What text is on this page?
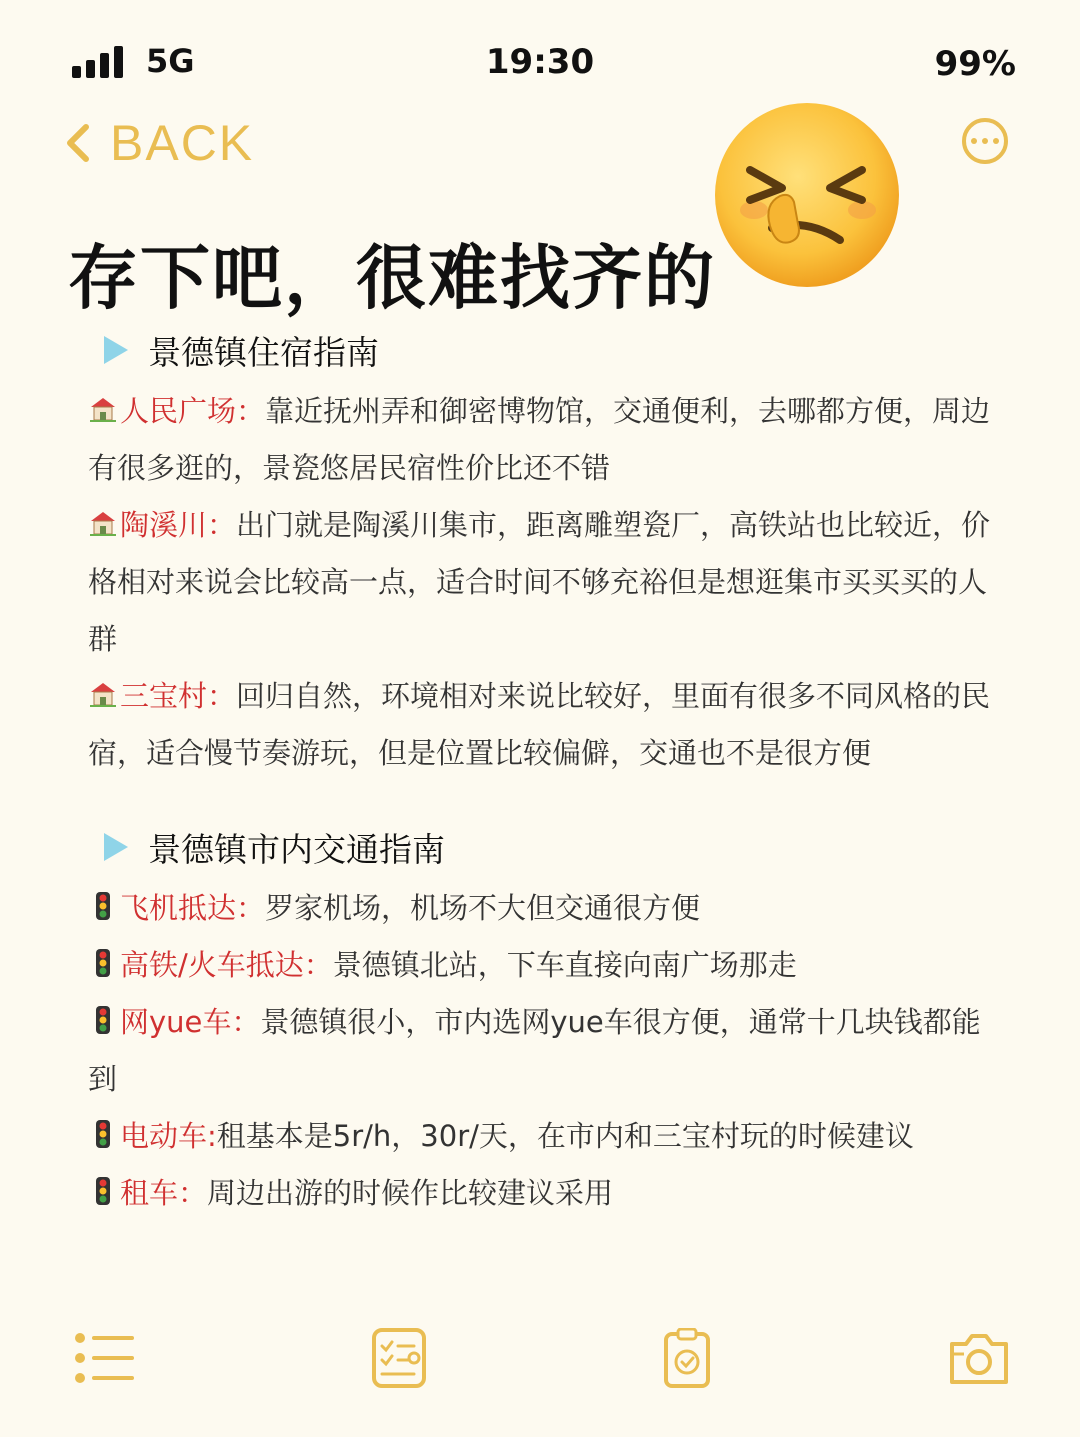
5G	19:30	99%
BACK
存下吧，很难找齐的
景德镇住宿指南
人民广场：靠近抚州弄和御密博物馆，交通便利，去哪都方便，周边有很多逛的，景瓷悠居民宿性价比还不错
陶溪川：出门就是陶溪川集市，距离雕塑瓷厂，高铁站也比较近，价格相对来说会比较高一点，适合时间不够充裕但是想逛集市买买买的人群
三宝村：回归自然，环境相对来说比较好，里面有很多不同风格的民宿，适合慢节奏游玩，但是位置比较偏僻，交通也不是很方便
景德镇市内交通指南
飞机抵达：罗家机场，机场不大但交通很方便
高铁/火车抵达：景德镇北站，下车直接向南广场那走
网yue车：景德镇很小，市内选网yue车很方便，通常十几块钱都能到
电动车:租基本是5r/h，30r/天，在市内和三宝村玩的时候建议
租车：周边出游的时候作比较建议采用
